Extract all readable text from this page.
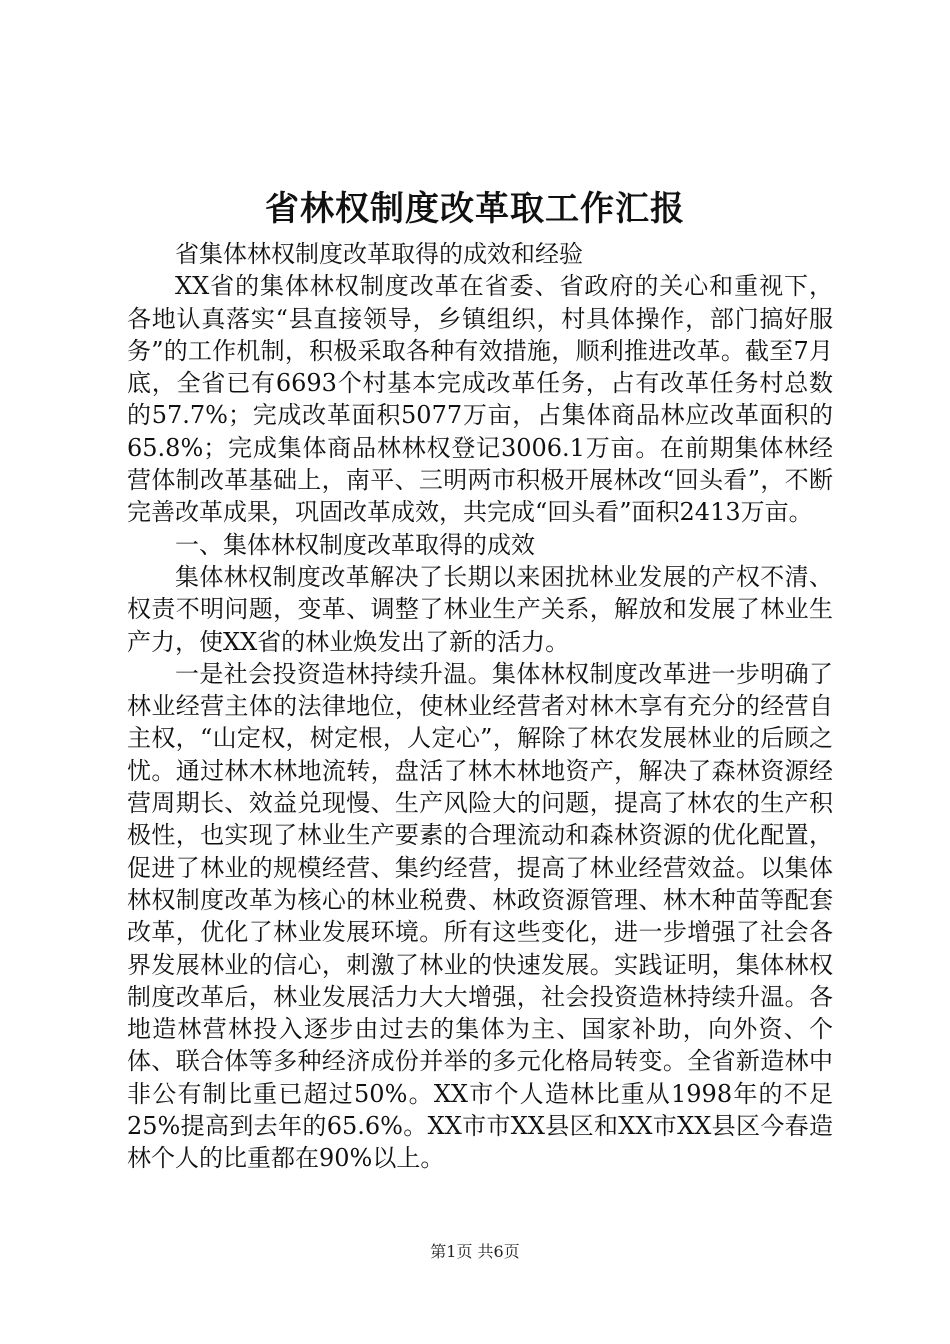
省林权制度改革取工作汇报

省集体林权制度改革取得的成效和经验

XX省的集体林权制度改革在省委、省政府的关心和重视下，各地认真落实“县直接领导，乡镇组织，村具体操作，部门搞好服务”的工作机制，积极采取各种有效措施，顺利推进改革。截至7月底，全省已有6693个村基本完成改革任务，占有改革任务村总数的57.7%；完成改革面积5077万亩，占集体商品林应改革面积的65.8%；完成集体商品林林权登记3006.1万亩。在前期集体林经营体制改革基础上，南平、三明两市积极开展林改“回头看”，不断完善改革成果，巩固改革成效，共完成“回头看”面积2413万亩。

一、集体林权制度改革取得的成效

集体林权制度改革解决了长期以来困扰林业发展的产权不清、权责不明问题，变革、调整了林业生产关系，解放和发展了林业生产力，使XX省的林业焕发出了新的活力。

一是社会投资造林持续升温。集体林权制度改革进一步明确了林业经营主体的法律地位，使林业经营者对林木享有充分的经营自主权，“山定权，树定根，人定心”，解除了林农发展林业的后顾之忧。通过林木林地流转，盘活了林木林地资产，解决了森林资源经营周期长、效益兑现慢、生产风险大的问题，提高了林农的生产积极性，也实现了林业生产要素的合理流动和森林资源的优化配置，促进了林业的规模经营、集约经营，提高了林业经营效益。以集体林权制度改革为核心的林业税费、林政资源管理、林木种苗等配套改革，优化了林业发展环境。所有这些变化，进一步增强了社会各界发展林业的信心，刺激了林业的快速发展。实践证明，集体林权制度改革后，林业发展活力大大增强，社会投资造林持续升温。各地造林营林投入逐步由过去的集体为主、国家补助，向外资、个体、联合体等多种经济成份并举的多元化格局转变。全省新造林中非公有制比重已超过50%。XX市个人造林比重从1998年的不足25%提高到去年的65.6%。XX市市XX县区和XX市XX县区今春造林个人的比重都在90%以上。

第1页 共6页
